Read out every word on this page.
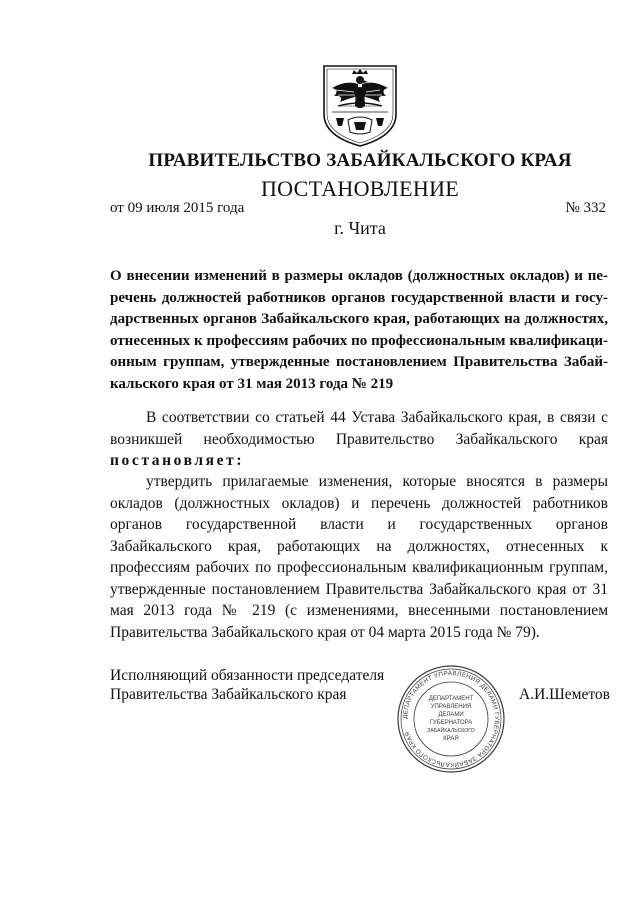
ПРАВИТЕЛЬСТВО ЗАБАЙКАЛЬСКОГО КРАЯ
ПОСТАНОВЛЕНИЕ
от 09 июля 2015 года	№ 332
г. Чита
О внесении изменений в размеры окладов (должностных окладов) и перечень должностей работников органов государственной власти и государственных органов Забайкальского края, работающих на должностях, отнесенных к профессиям рабочих по профессиональным квалификационным группам, утвержденные постановлением Правительства Забайкальского края от 31 мая 2013 года № 219
В соответствии со статьей 44 Устава Забайкальского края, в связи с возникшей необходимостью Правительство Забайкальского края постановляет:
утвердить прилагаемые изменения, которые вносятся в размеры окладов (должностных окладов) и перечень должностей работников органов государственной власти и государственных органов Забайкальского края, работающих на должностях, отнесенных к профессиям рабочих по профессиональным квалификационным группам, утвержденные постановлением Правительства Забайкальского края от 31 мая 2013 года № 219 (с изменениями, внесенными постановлением Правительства Забайкальского края от 04 марта 2015 года № 79).
Исполняющий обязанности председателя
Правительства Забайкальского края
ДЕПАРТАМЕНТ УПРАВЛЕНИЯ ДЕЛАМИ ГУБЕРНАТОРА ЗАБАЙКАЛЬСКОГО КРАЯ
ДЕПАРТАМЕНТ
УПРАВЛЕНИЯ
ДЕЛАМИ
ГУБЕРНАТОРА
ЗАБАЙКАЛЬСКОГО
КРАЯ
А.И.Шеметов
